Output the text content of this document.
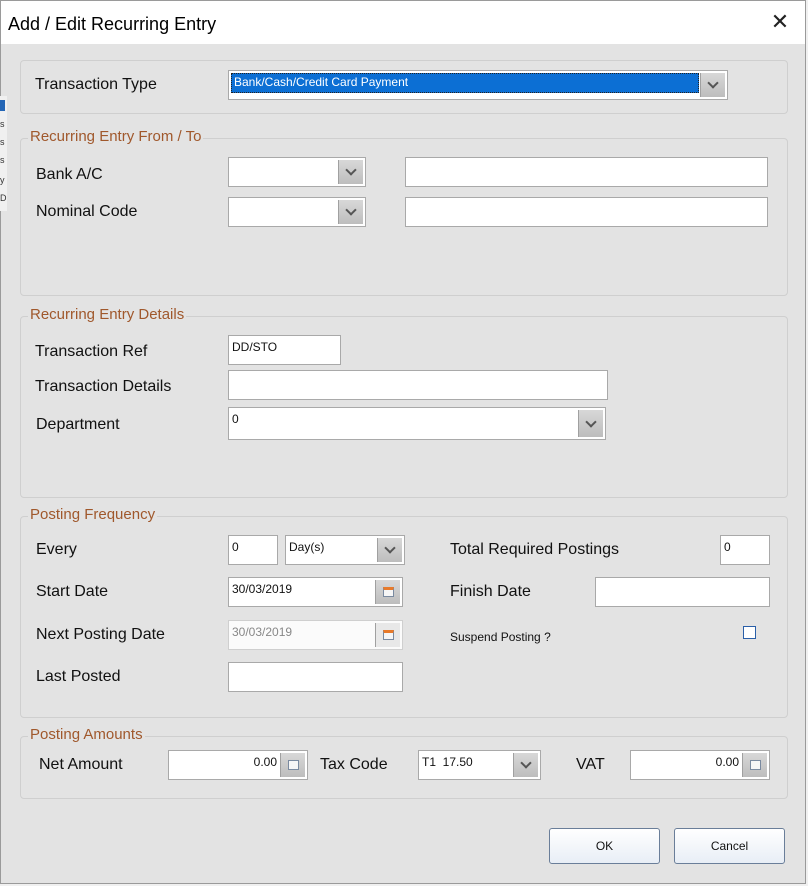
Add / Edit Recurring Entry	✕
s
s
s
y
D
Transaction Type	Bank/Cash/Credit Card Payment
Recurring Entry From / To
Bank A/C
Nominal Code
Recurring Entry Details
Transaction Ref	DD/STO
Transaction Details
Department	0
Posting Frequency
Every	0	Day(s)	Total Required Postings	0
Start Date	30/03/2019	Finish Date
Next Posting Date	30/03/2019	Suspend Posting ?
Last Posted
Posting Amounts
Net Amount	0.00	Tax Code	T1  17.50	VAT	0.00
OK	Cancel
